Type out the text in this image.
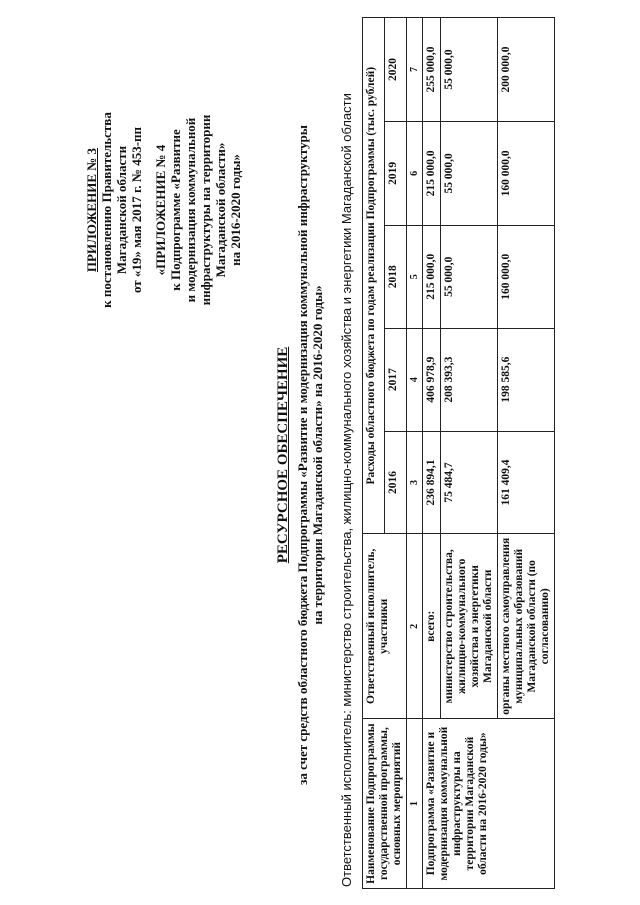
ПРИЛОЖЕНИЕ № 3 к постановлению Правительства Магаданской области от «19» мая 2017 г. № 453-пп «ПРИЛОЖЕНИЕ № 4 к Подпрограмме «Развитие и модернизация коммунальной инфраструктуры на территории Магаданской области» на 2016-2020 годы»
РЕСУРСНОЕ ОБЕСПЕЧЕНИЕ за счет средств областного бюджета Подпрограммы «Развитие и модернизация коммунальной инфраструктуры на территории Магаданской области» на 2016-2020 годы» Ответственный исполнитель: министерство строительства, жилищно-коммунального хозяйства и энергетики Магаданской области Наименование Подпрограммы государственной программы, основных мероприятий	Ответственный исполнитель, участники	Расходы областного бюджета по годам реализации Подпрограммы (тыс. рублей)				
		2016	2017	2018	2019	2020
1	2	3	4	5	6	7
Подпрограмма «Развитие и модернизация коммунальной инфраструктуры на территории Магаданской области на 2016-2020 годы»	всего:	236 894,1	406 978,9	215 000,0	215 000,0	255 000,0
	министерство строительства, жилищно-коммунального хозяйства и энергетики Магаданской области	75 484,7	208 393,3	55 000,0	55 000,0	55 000,0
	органы местного самоуправления муниципальных образований Магаданской области (по согласованию)	161 409,4	198 585,6	160 000,0	160 000,0	200 000,0
